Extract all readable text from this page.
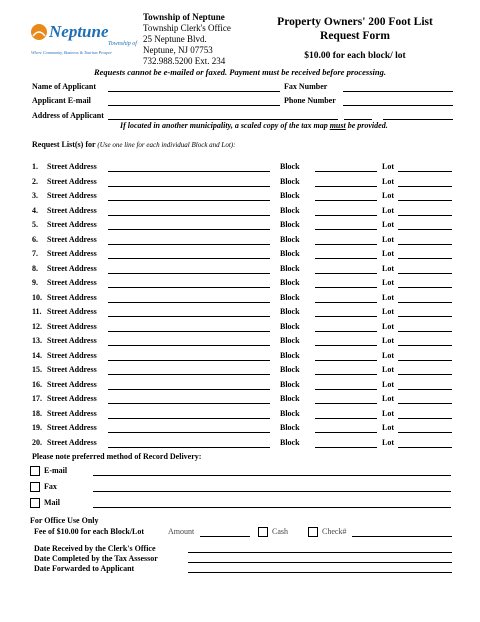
Neptune
Township of
Where Community, Business & Tourism Prosper
Township of Neptune
Township Clerk's Office
25 Neptune Blvd.
Neptune, NJ 07753
732.988.5200 Ext. 234
Property Owners' 200 Foot List
Request Form
$10.00 for each block/ lot
Requests cannot be e-mailed or faxed. Payment must be received before processing.
Name of Applicant	Fax Number
Applicant E-mail	Phone Number
Address of Applicant
If located in another municipality, a scaled copy of the tax map must be provided.
Request List(s) for (Use one line for each individual Block and Lot):
1. Street Address	Block	Lot
2. Street Address	Block	Lot
3. Street Address	Block	Lot
4. Street Address	Block	Lot
5. Street Address	Block	Lot
6. Street Address	Block	Lot
7. Street Address	Block	Lot
8. Street Address	Block	Lot
9. Street Address	Block	Lot
10. Street Address	Block	Lot
11. Street Address	Block	Lot
12. Street Address	Block	Lot
13. Street Address	Block	Lot
14. Street Address	Block	Lot
15. Street Address	Block	Lot
16. Street Address	Block	Lot
17. Street Address	Block	Lot
18. Street Address	Block	Lot
19. Street Address	Block	Lot
20. Street Address	Block	Lot
Please note preferred method of Record Delivery:
E-mail
Fax
Mail
For Office Use Only
Fee of $10.00 for each Block/Lot	Amount	Cash	Check#
Date Received by the Clerk's Office
Date Completed by the Tax Assessor
Date Forwarded to Applicant
